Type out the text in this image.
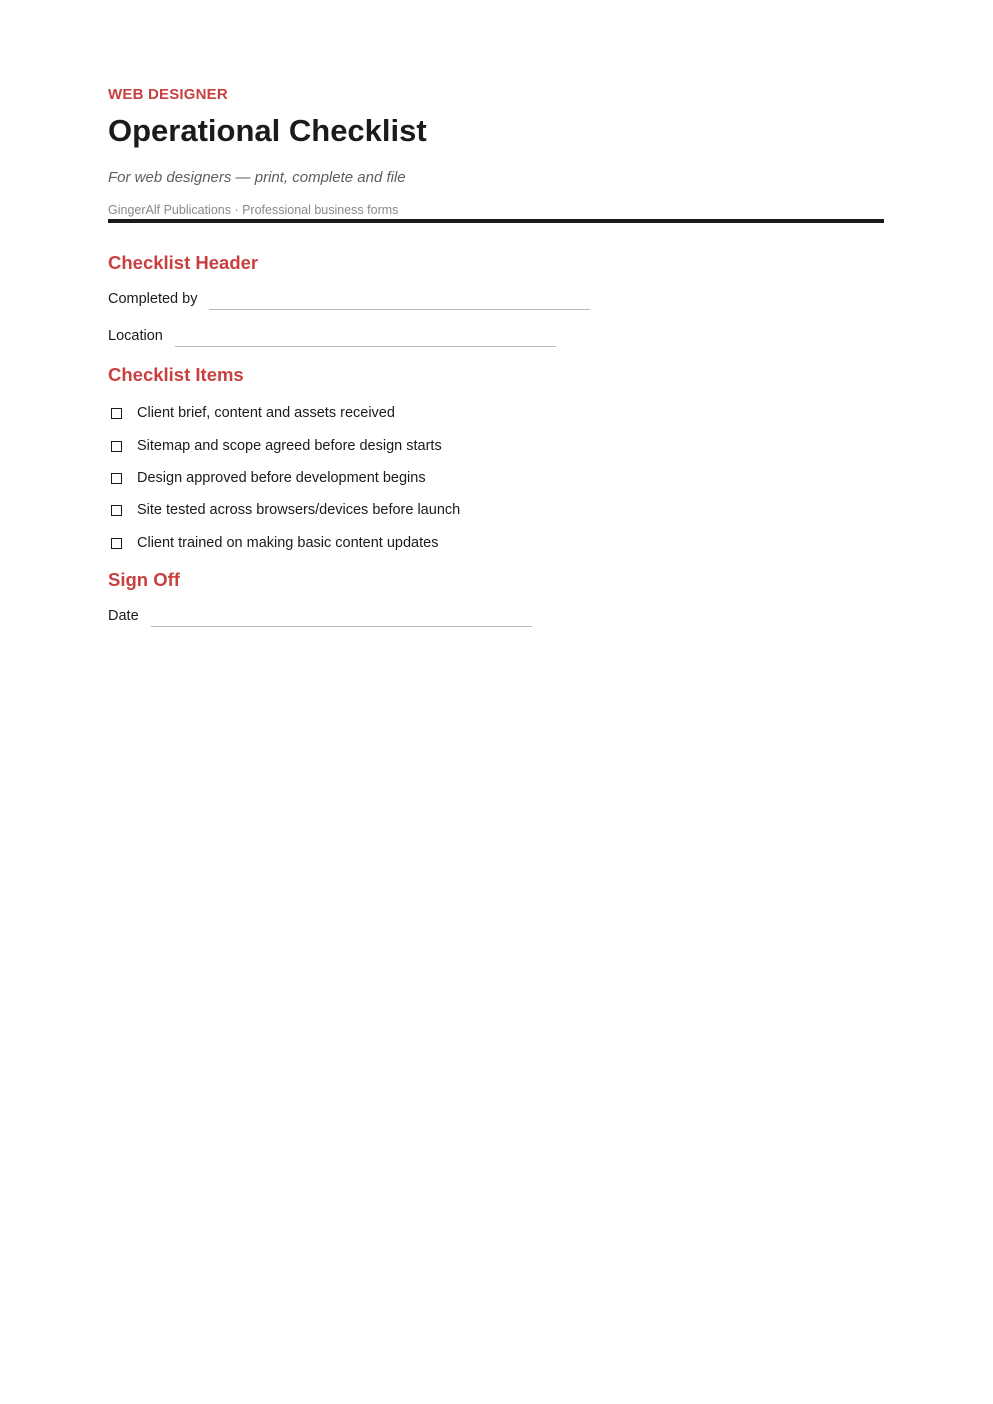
WEB DESIGNER
Operational Checklist
For web designers — print, complete and file
GingerAlf Publications · Professional business forms
Checklist Header
Completed by
Location
Checklist Items
Client brief, content and assets received
Sitemap and scope agreed before design starts
Design approved before development begins
Site tested across browsers/devices before launch
Client trained on making basic content updates
Sign Off
Date
